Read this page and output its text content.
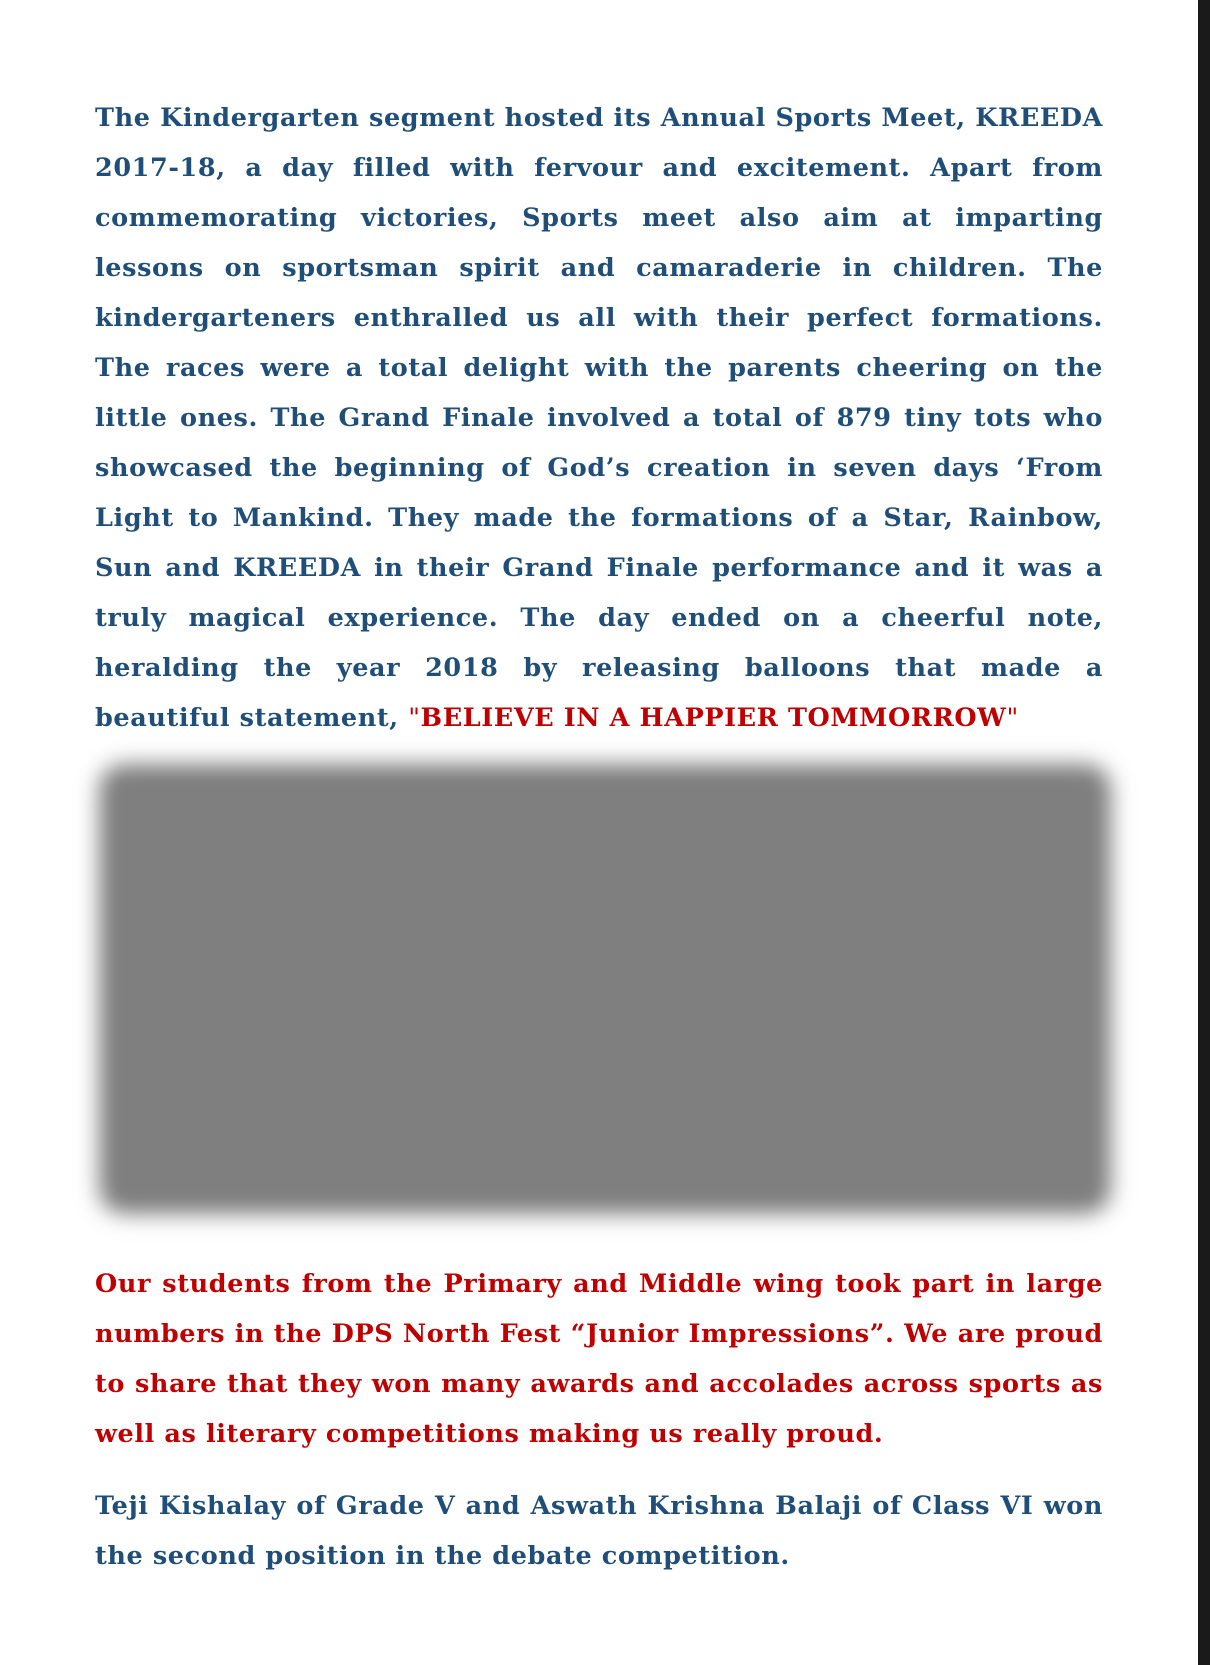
The Kindergarten segment hosted its Annual Sports Meet, KREEDA 2017-18, a day filled with fervour and excitement. Apart from commemorating victories, Sports meet also aim at imparting lessons on sportsman spirit and camaraderie in children. The kindergarteners enthralled us all with their perfect formations. The races were a total delight with the parents cheering on the little ones. The Grand Finale involved a total of 879 tiny tots who showcased the beginning of God’s creation in seven days ‘From Light to Mankind. They made the formations of a Star, Rainbow, Sun and KREEDA in their Grand Finale performance and it was a truly magical experience. The day ended on a cheerful note, heralding the year 2018 by releasing balloons that made a beautiful statement, "BELIEVE IN A HAPPIER TOMMORROW"

Our students from the Primary and Middle wing took part in large numbers in the DPS North Fest “Junior Impressions”. We are proud to share that they won many awards and accolades across sports as well as literary competitions making us really proud.

Teji Kishalay of Grade V and Aswath Krishna Balaji of Class VI won the second position in the debate competition.
